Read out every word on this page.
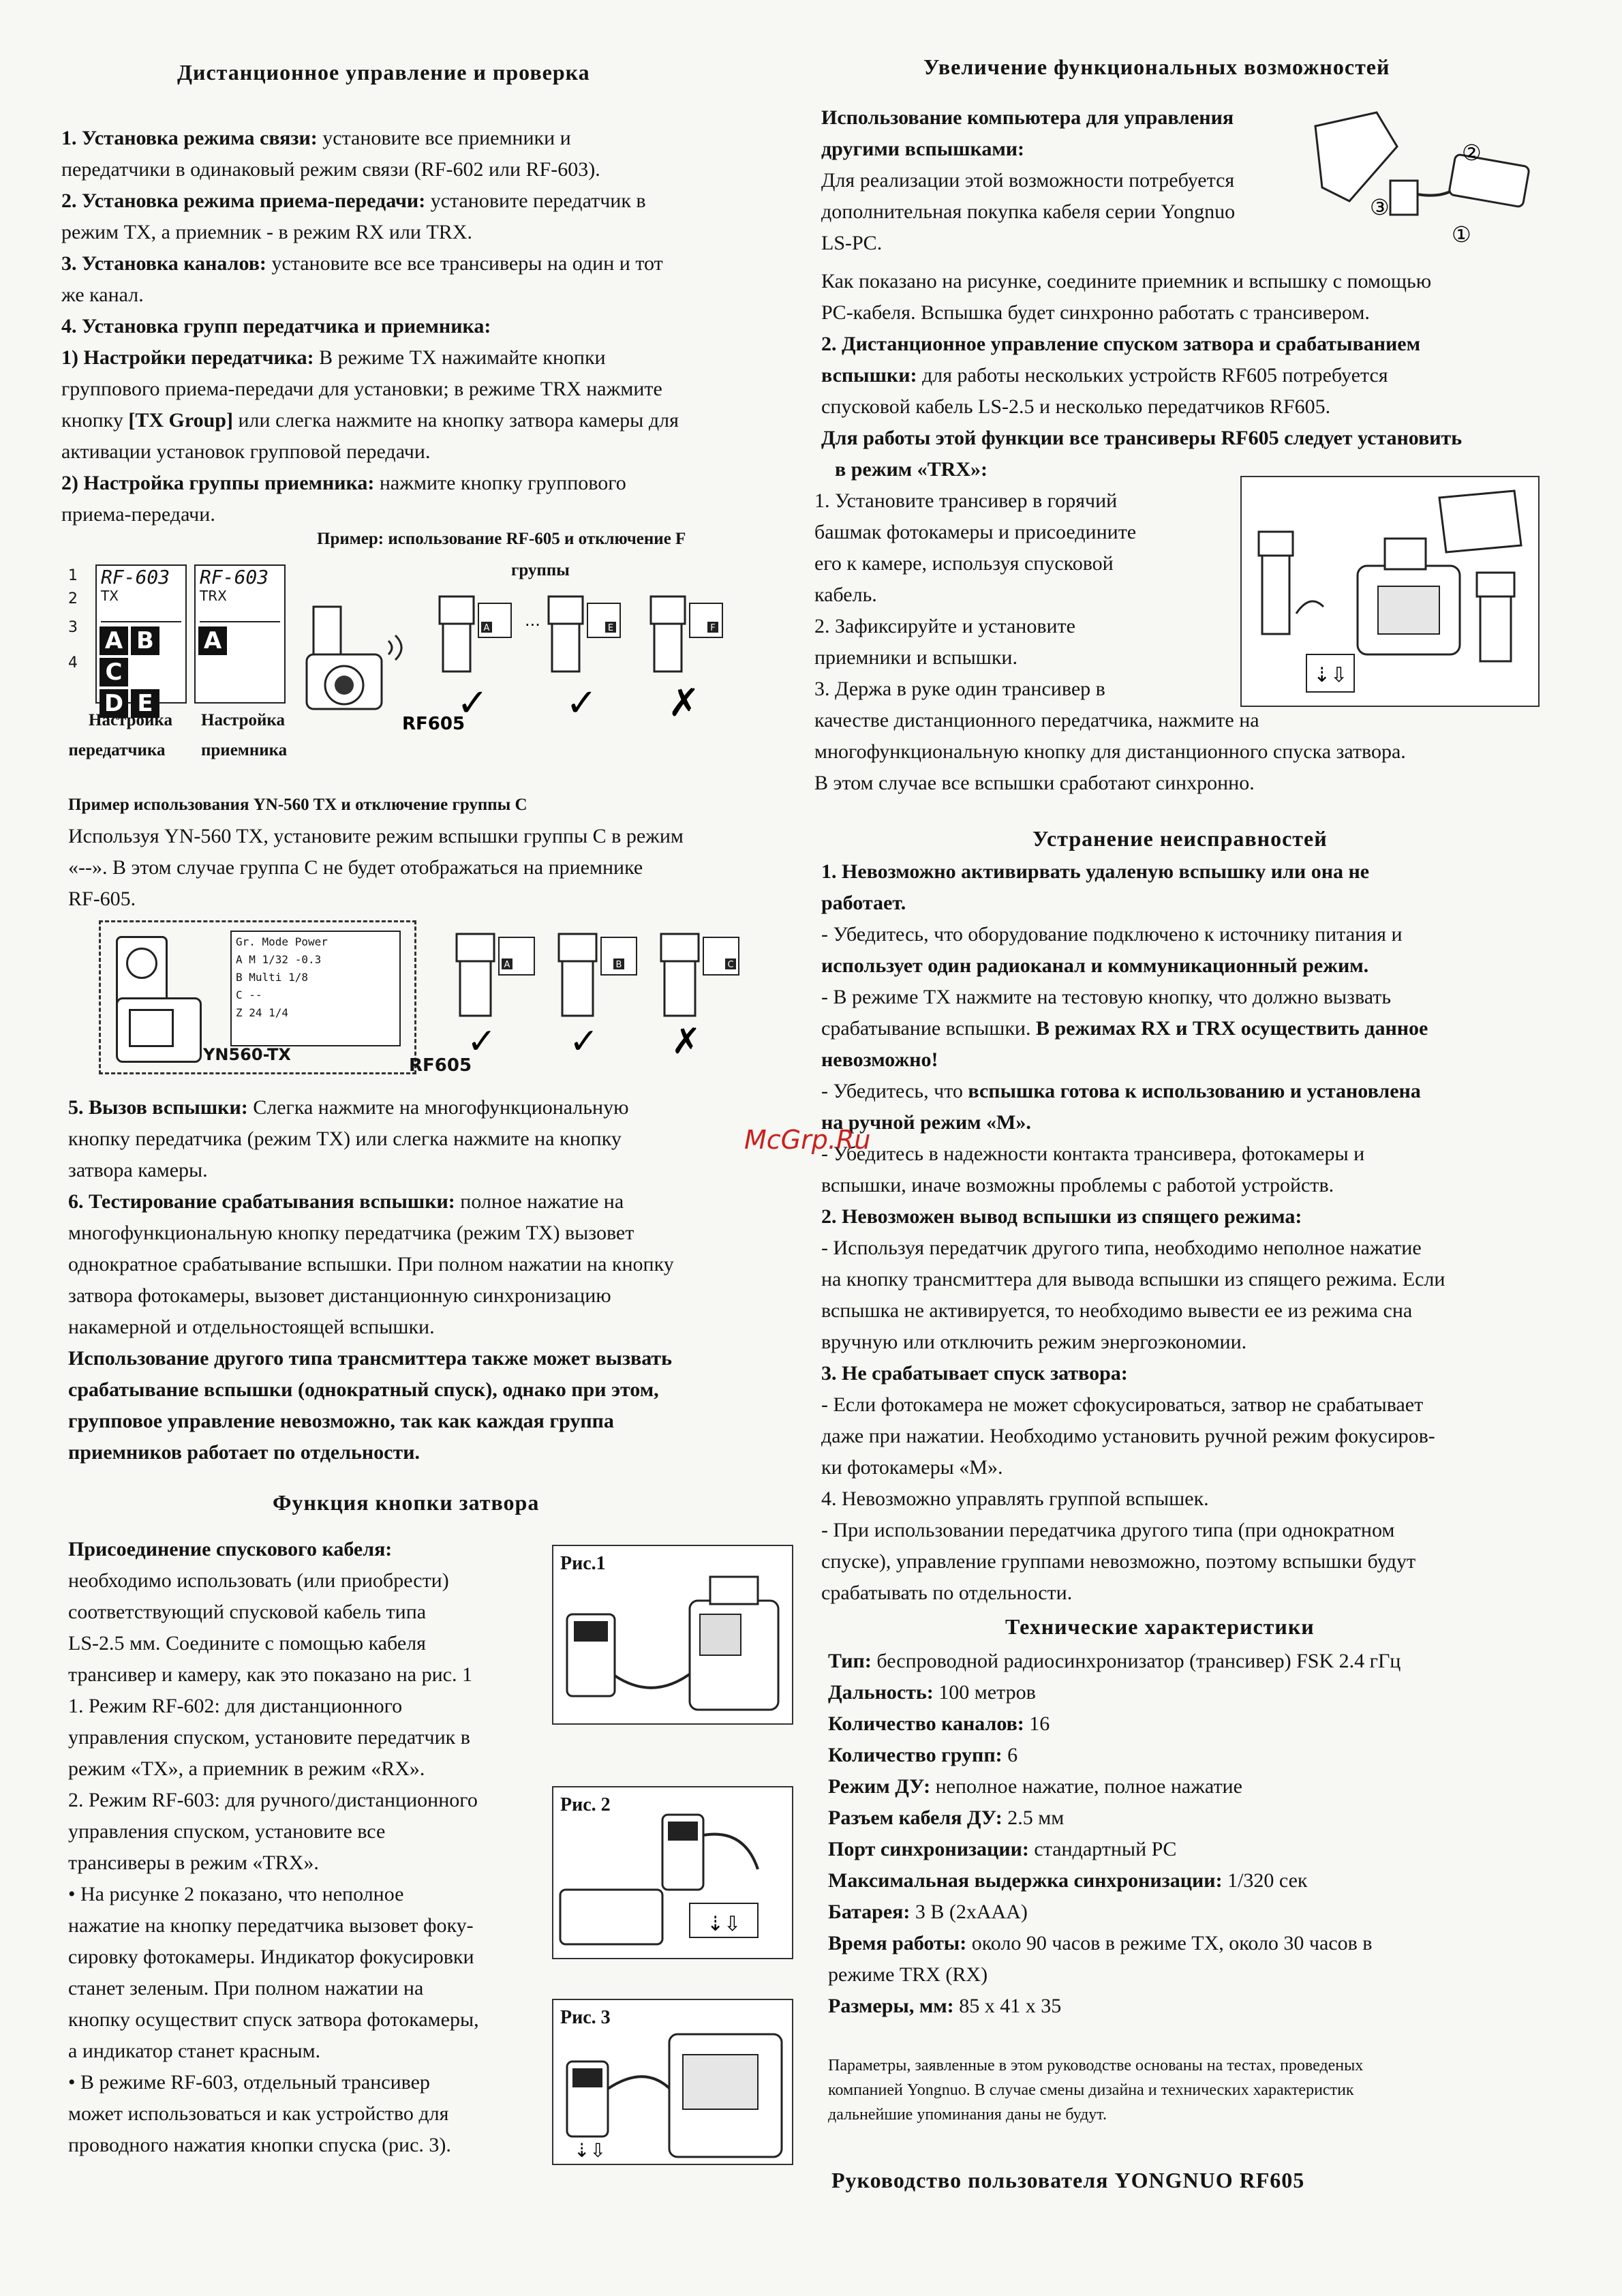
Дистанционное управление и проверка
1. Установка режима связи: установите все приемники и
передатчики в одинаковый режим связи (RF-602 или RF-603).
2. Установка режима приема-передачи: установите передатчик в
режим TX, а приемник - в режим RX или TRX.
3. Установка каналов: установите все все трансиверы на один и тот
же канал.
4. Установка групп передатчика и приемника:
1) Настройки передатчика: В режиме TX нажимайте кнопки
группового приема-передачи для установки; в режиме TRX нажмите
кнопку [TX Group] или слегка нажмите на кнопку затвора камеры для
активации установок групповой передачи.
2) Настройка группы приемника: нажмите кнопку группового
приема-передачи.
Пример: использование RF-605 и отключение F
группы
1
2
3
4
RF-603
TX
A BC
D E
RF-603
TRX
A
Настройка
передатчика
Настройка
приемника
A ···	E	F
RF605
✓ ✓ ✗
Пример использования YN-560 TX и отключение группы C
Используя YN-560 TX, установите режим вспышки группы C в режим
«--». В этом случае группа C не будет отображаться на приемнике
RF-605.
Gr. Mode Power
A M 1/32 -0.3
B Multi 1/8
C --
Z 24 1/4
YN560-TX
A	B	C
✓ ✓ ✗
RF605
5. Вызов вспышки: Слегка нажмите на многофункциональную
кнопку передатчика (режим TX) или слегка нажмите на кнопку
затвора камеры.
6. Тестирование срабатывания вспышки: полное нажатие на
многофункциональную кнопку передатчика (режим TX) вызовет
однократное срабатывание вспышки. При полном нажатии на кнопку
затвора фотокамеры, вызовет дистанционную синхронизацию
накамерной и отдельностоящей вспышки.
Использование другого типа трансмиттера также может вызвать
срабатывание вспышки (однократный спуск), однако при этом,
групповое управление невозможно, так как каждая группа
приемников работает по отдельности.
Функция кнопки затвора
Присоединение спускового кабеля:
необходимо использовать (или приобрести)
соответствующий спусковой кабель типа
LS-2.5 мм. Соедините с помощью кабеля
трансивер и камеру, как это показано на рис. 1
1. Режим RF-602: для дистанционного
управления спуском, установите передатчик в
режим «TX», а приемник в режим «RX».
2. Режим RF-603: для ручного/дистанционного
управления спуском, установите все
трансиверы в режим «TRX».
• На рисунке 2 показано, что неполное
нажатие на кнопку передатчика вызовет фоку-
сировку фотокамеры. Индикатор фокусировки
станет зеленым. При полном нажатии на
кнопку осуществит спуск затвора фотокамеры,
а индикатор станет красным.
• В режиме RF-603, отдельный трансивер
может использоваться и как устройство для
проводного нажатия кнопки спуска (рис. 3).
Рис.1
Рис. 2
⇣⇩
Рис. 3
⇣⇩
Увеличение функциональных возможностей
Использование компьютера для управления
другими вспышками:
Для реализации этой возможности потребуется
дополнительная покупка кабеля серии Yongnuo
LS-PC.
②
③
①
Как показано на рисунке, соедините приемник и вспышку с помощью
PC-кабеля. Вспышка будет синхронно работать с трансивером.
2. Дистанционное управление спуском затвора и срабатыванием
вспышки: для работы нескольких устройств RF605 потребуется
спусковой кабель LS-2.5 и несколько передатчиков RF605.
Для работы этой функции все трансиверы RF605 следует установить
в режим «TRX»:
1. Установите трансивер в горячий
башмак фотокамеры и присоедините
его к камере, используя спусковой
кабель.
2. Зафиксируйте и установите
приемники и вспышки.
3. Держа в руке один трансивер в
качестве дистанционного передатчика, нажмите на
многофункциональную кнопку для дистанционного спуска затвора.
В этом случае все вспышки сработают синхронно.
⇣⇩
Устранение неисправностей
1. Невозможно активирвать удаленую вспышку или она не
работает.
- Убедитесь, что оборудование подключено к источнику питания и
использует один радиоканал и коммуникационный режим.
- В режиме TX нажмите на тестовую кнопку, что должно вызвать
срабатывание вспышки. В режимах RX и TRX осуществить данное
невозможно!
- Убедитесь, что вспышка готова к использованию и установлена
на ручной режим «M».
- Убедитесь в надежности контакта трансивера, фотокамеры и
вспышки, иначе возможны проблемы с работой устройств.
2. Невозможен вывод вспышки из спящего режима:
- Используя передатчик другого типа, необходимо неполное нажатие
на кнопку трансмиттера для вывода вспышки из спящего режима. Если
вспышка не активируется, то необходимо вывести ее из режима сна
вручную или отключить режим энергоэкономии.
3. Не срабатывает спуск затвора:
- Если фотокамера не может сфокусироваться, затвор не срабатывает
даже при нажатии. Необходимо установить ручной режим фокусиров-
ки фотокамеры «M».
4. Невозможно управлять группой вспышек.
- При использовании передатчика другого типа (при однократном
спуске), управление группами невозможно, поэтому вспышки будут
срабатывать по отдельности.
Технические характеристики
Тип: беспроводной радиосинхронизатор (трансивер) FSK 2.4 гГц
Дальность: 100 метров
Количество каналов: 16
Количество групп: 6
Режим ДУ: неполное нажатие, полное нажатие
Разъем кабеля ДУ: 2.5 мм
Порт синхронизации: стандартный PC
Максимальная выдержка синхронизации: 1/320 сек
Батарея: 3 В (2хААА)
Время работы: около 90 часов в режиме TX, около 30 часов в
режиме TRX (RX)
Размеры, мм: 85 x 41 x 35
Параметры, заявленные в этом руководстве основаны на тестах, проведеных
компанией Yongnuo. В случае смены дизайна и технических характеристик
дальнейшие упоминания даны не будут.
Руководство пользователя YONGNUO RF605
McGrp.Ru
